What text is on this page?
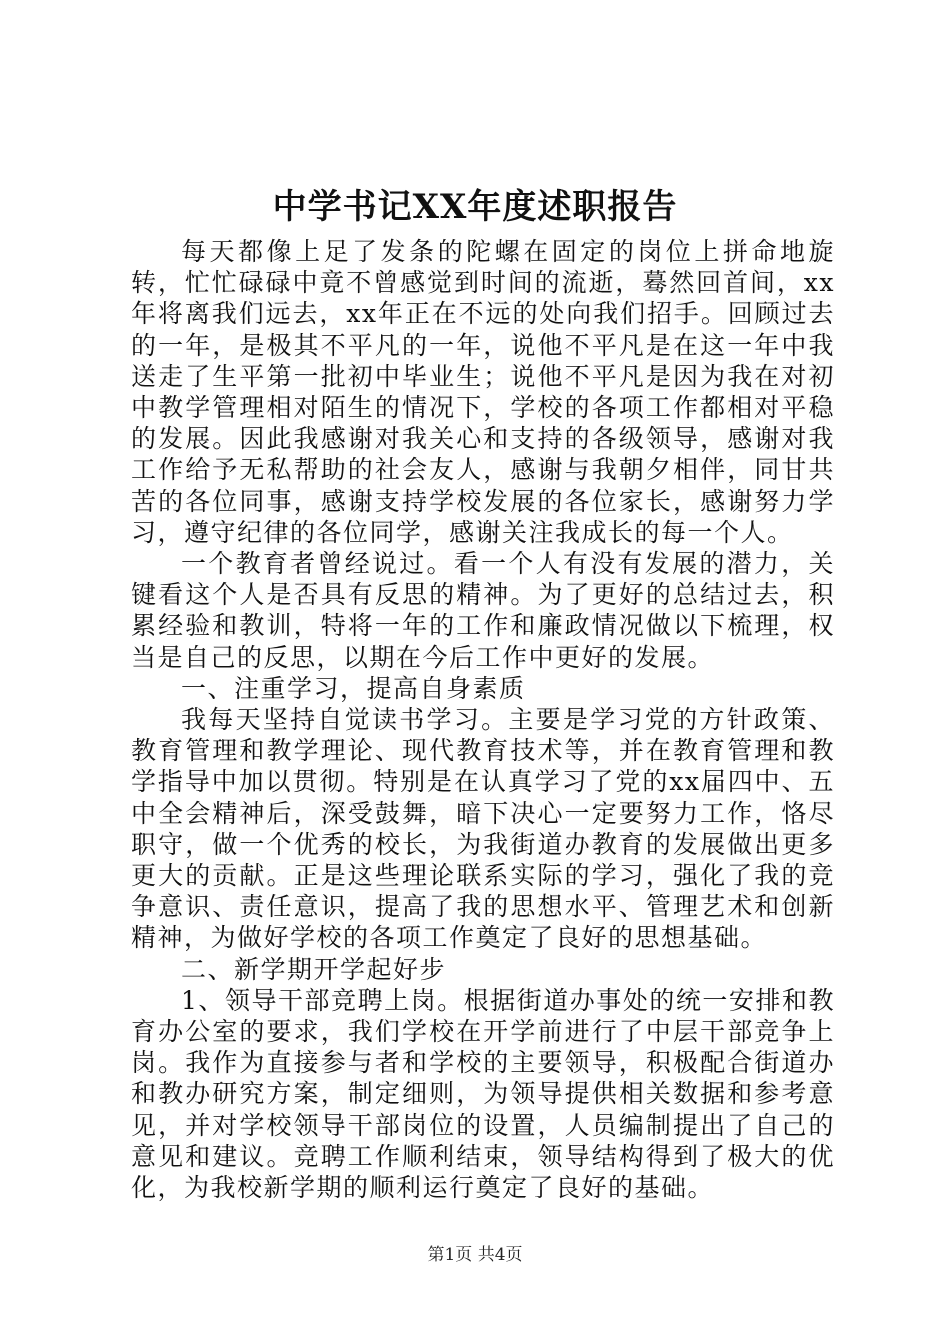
中学书记XX年度述职报告

每天都像上足了发条的陀螺在固定的岗位上拼命地旋转，忙忙碌碌中竟不曾感觉到时间的流逝，蓦然回首间，xx年将离我们远去，xx年正在不远的处向我们招手。回顾过去的一年，是极其不平凡的一年，说他不平凡是在这一年中我送走了生平第一批初中毕业生；说他不平凡是因为我在对初中教学管理相对陌生的情况下，学校的各项工作都相对平稳的发展。因此我感谢对我关心和支持的各级领导，感谢对我工作给予无私帮助的社会友人，感谢与我朝夕相伴，同甘共苦的各位同事，感谢支持学校发展的各位家长，感谢努力学习，遵守纪律的各位同学，感谢关注我成长的每一个人。

一个教育者曾经说过。看一个人有没有发展的潜力，关键看这个人是否具有反思的精神。为了更好的总结过去，积累经验和教训，特将一年的工作和廉政情况做以下梳理，权当是自己的反思，以期在今后工作中更好的发展。

一、注重学习，提高自身素质

我每天坚持自觉读书学习。主要是学习党的方针政策、教育管理和教学理论、现代教育技术等，并在教育管理和教学指导中加以贯彻。特别是在认真学习了党的xx届四中、五中全会精神后，深受鼓舞，暗下决心一定要努力工作，恪尽职守，做一个优秀的校长，为我街道办教育的发展做出更多更大的贡献。正是这些理论联系实际的学习，强化了我的竞争意识、责任意识，提高了我的思想水平、管理艺术和创新精神，为做好学校的各项工作奠定了良好的思想基础。

二、新学期开学起好步

1、领导干部竞聘上岗。根据街道办事处的统一安排和教育办公室的要求，我们学校在开学前进行了中层干部竞争上岗。我作为直接参与者和学校的主要领导，积极配合街道办和教办研究方案，制定细则，为领导提供相关数据和参考意见，并对学校领导干部岗位的设置，人员编制提出了自己的意见和建议。竞聘工作顺利结束，领导结构得到了极大的优化，为我校新学期的顺利运行奠定了良好的基础。

第1页 共4页
